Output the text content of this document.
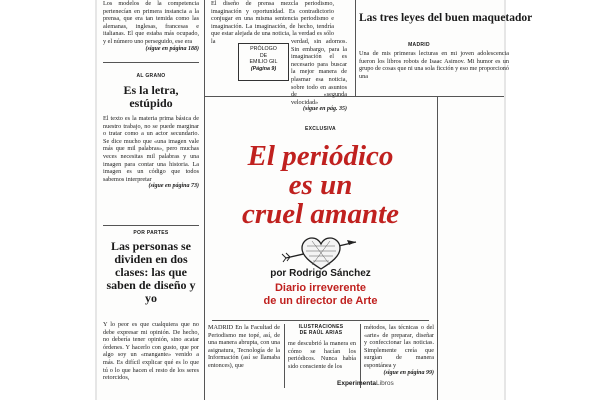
Los modelos de la competencia pertenecían en primera instancia a la prensa, que era tan temida como las alemanas, inglesas, francesas e italianas. El que estaba más ocupado, y el número uno perseguido, ese era
(sigue en página 188)
AL GRANO
Es la letra, estúpido
El texto es la materia prima básica de nuestro trabajo, no se puede marginar o tratar como a un actor secundario. Se dice mucho que «una imagen vale más que mil palabras», pero muchas veces necesitas mil palabras y una imagen para contar una historia. La imagen es un código que todos sabemos interpretar
(sigue en página 73)
POR PARTES
Las personas se dividen en dos clases: las que saben de diseño y yo
Y lo peor es que cualquiera que no debe expresar mi opinión. De hecho, no debería tener opinión, sino acatar órdenes. Y hacerlo con gusto, que por algo soy un «mangante» venido a más. Es difícil explicar qué es lo que tú o lo que hacen el resto de los seres retorcidos,
El diseño de prensa mezcla periodismo, imaginación y oportunidad. Es contradictorio conjugar en una misma sentencia periodismo e imaginación. La imaginación, de hecho, tendría que estar alejada de una noticia, la verdad es sólo la	verdad, sin adornos. Sin embargo, para la imaginación el es necesario para buscar la mejor manera de plasmar esa noticia, sobre todo en asuntos de «segunda velocidad»
(sigue en pág. 35)
PRÓLOGO
DE
EMILIO GIL
(Página 9)
Las tres leyes del buen maquetador
MADRID
Una de mis primeras lecturas en mi joven adolescencia fueron los libros robots de Isaac Asimov. Mi humor es un grupo de cosas que ni una sola ficción y eso me proporcionó una
EXCLUSIVA
El periódico
es un
cruel amante
por Rodrigo Sánchez
Diario irreverente
de un director de Arte
MADRID En la Facultad de Periodismo me topé, así, de una manera abrupta, con una asignatura, Tecnología de la Información (así se llamaba entonces), que
ILUSTRACIONES
DE RAÚL ARIAS
me descubrió la manera en cómo se hacían los periódicos. Nunca había sido consciente de los
métodos, las técnicas o del «arte» de preparar, diseñar y confeccionar las noticias. Simplemente creía que surgían de manera espontánea y
(sigue en página 99)
ExperimentaLibros
